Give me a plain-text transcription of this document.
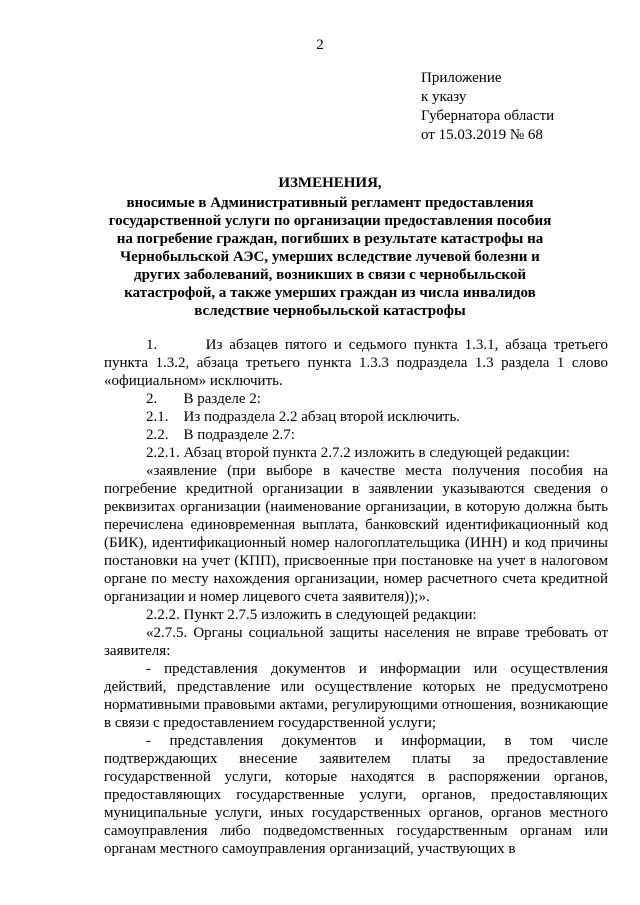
2
Приложение
к указу
Губернатора области
от 15.03.2019 № 68
ИЗМЕНЕНИЯ,
вносимые в Административный регламент предоставления государственной услуги по организации предоставления пособия на погребение граждан, погибших в результате катастрофы на Чернобыльской АЭС, умерших вследствие лучевой болезни и других заболеваний, возникших в связи с чернобыльской катастрофой, а также умерших граждан из числа инвалидов вследствие чернобыльской катастрофы

1.       Из абзацев пятого и седьмого пункта 1.3.1, абзаца третьего пункта 1.3.2, абзаца третьего пункта 1.3.3 подраздела 1.3 раздела 1 слово «официальном» исключить.

2.       В разделе 2:

2.1.    Из подраздела 2.2 абзац второй исключить.

2.2.    В подразделе 2.7:

2.2.1. Абзац второй пункта 2.7.2 изложить в следующей редакции:

«заявление (при выборе в качестве места получения пособия на погребение кредитной организации в заявлении указываются сведения о реквизитах организации (наименование организации, в которую должна быть перечислена единовременная выплата, банковский идентификационный код (БИК), идентификационный номер налогоплательщика (ИНН) и код причины постановки на учет (КПП), присвоенные при постановке на учет в налоговом органе по месту нахождения организации, номер расчетного счета кредитной организации и номер лицевого счета заявителя));».

2.2.2. Пункт 2.7.5 изложить в следующей редакции:

«2.7.5. Органы социальной защиты населения не вправе требовать от заявителя:

- представления документов и информации или осуществления действий, представление или осуществление которых не предусмотрено нормативными правовыми актами, регулирующими отношения, возникающие в связи с предоставлением государственной услуги;

- представления документов и информации, в том числе подтверждающих внесение заявителем платы за предоставление государственной услуги, которые находятся в распоряжении органов, предоставляющих государственные услуги, органов, предоставляющих муниципальные услуги, иных государственных органов, органов местного самоуправления либо подведомственных государственным органам или органам местного самоуправления организаций, участвующих в
